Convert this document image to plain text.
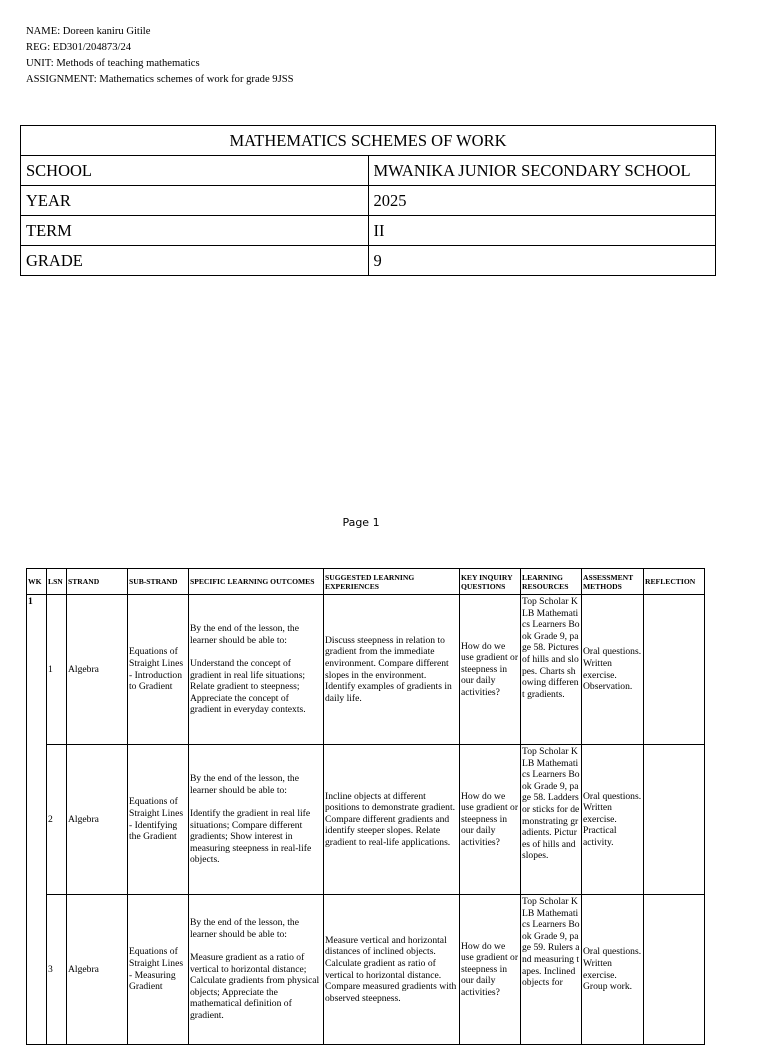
NAME: Doreen kaniru Gitile
REG: ED301/204873/24
UNIT: Methods of teaching mathematics
ASSIGNMENT: Mathematics schemes of work for grade 9JSS
MATHEMATICS SCHEMES OF WORK	
SCHOOL	MWANIKA JUNIOR SECONDARY SCHOOL
YEAR	2025
TERM	II
GRADE	9
Page 1
WK	LSN	STRAND	SUB-STRAND	SPECIFIC LEARNING OUTCOMES	SUGGESTED LEARNING EXPERIENCES	KEY INQUIRY QUESTIONS	LEARNING RESOURCES	ASSESSMENT METHODS	REFLECTION
1	1	Algebra	Equations of Straight Lines - Introduction to Gradient	By the end of the lesson, the learner should be able to:
Understand the concept of gradient in real life situations; Relate gradient to steepness; Appreciate the concept of gradient in everyday contexts.	Discuss steepness in relation to gradient from the immediate environment. Compare different slopes in the environment. Identify examples of gradients in daily life.	How do we use gradient or steepness in our daily activities?	Top Scholar KLB Mathematics Learners Book Grade 9, page 58. Pictures of hills and slopes. Charts showing different gradients.	Oral questions. Written exercise. Observation.	
	2	Algebra	Equations of Straight Lines - Identifying the Gradient	By the end of the lesson, the learner should be able to:
Identify the gradient in real life situations; Compare different gradients; Show interest in measuring steepness in real-life objects.	Incline objects at different positions to demonstrate gradient. Compare different gradients and identify steeper slopes. Relate gradient to real-life applications.	How do we use gradient or steepness in our daily activities?	Top Scholar KLB Mathematics Learners Book Grade 9, page 58. Ladders or sticks for demonstrating gradients. Pictures of hills and slopes.	Oral questions. Written exercise. Practical activity.	
	3	Algebra	Equations of Straight Lines - Measuring Gradient	By the end of the lesson, the learner should be able to:
Measure gradient as a ratio of vertical to horizontal distance; Calculate gradients from physical objects; Appreciate the mathematical definition of gradient.	Measure vertical and horizontal distances of inclined objects. Calculate gradient as ratio of vertical to horizontal distance. Compare measured gradients with observed steepness.	How do we use gradient or steepness in our daily activities?	Top Scholar KLB Mathematics Learners Book Grade 9, page 59. Rulers and measuring tapes. Inclined objects for	Oral questions. Written exercise. Group work.	
